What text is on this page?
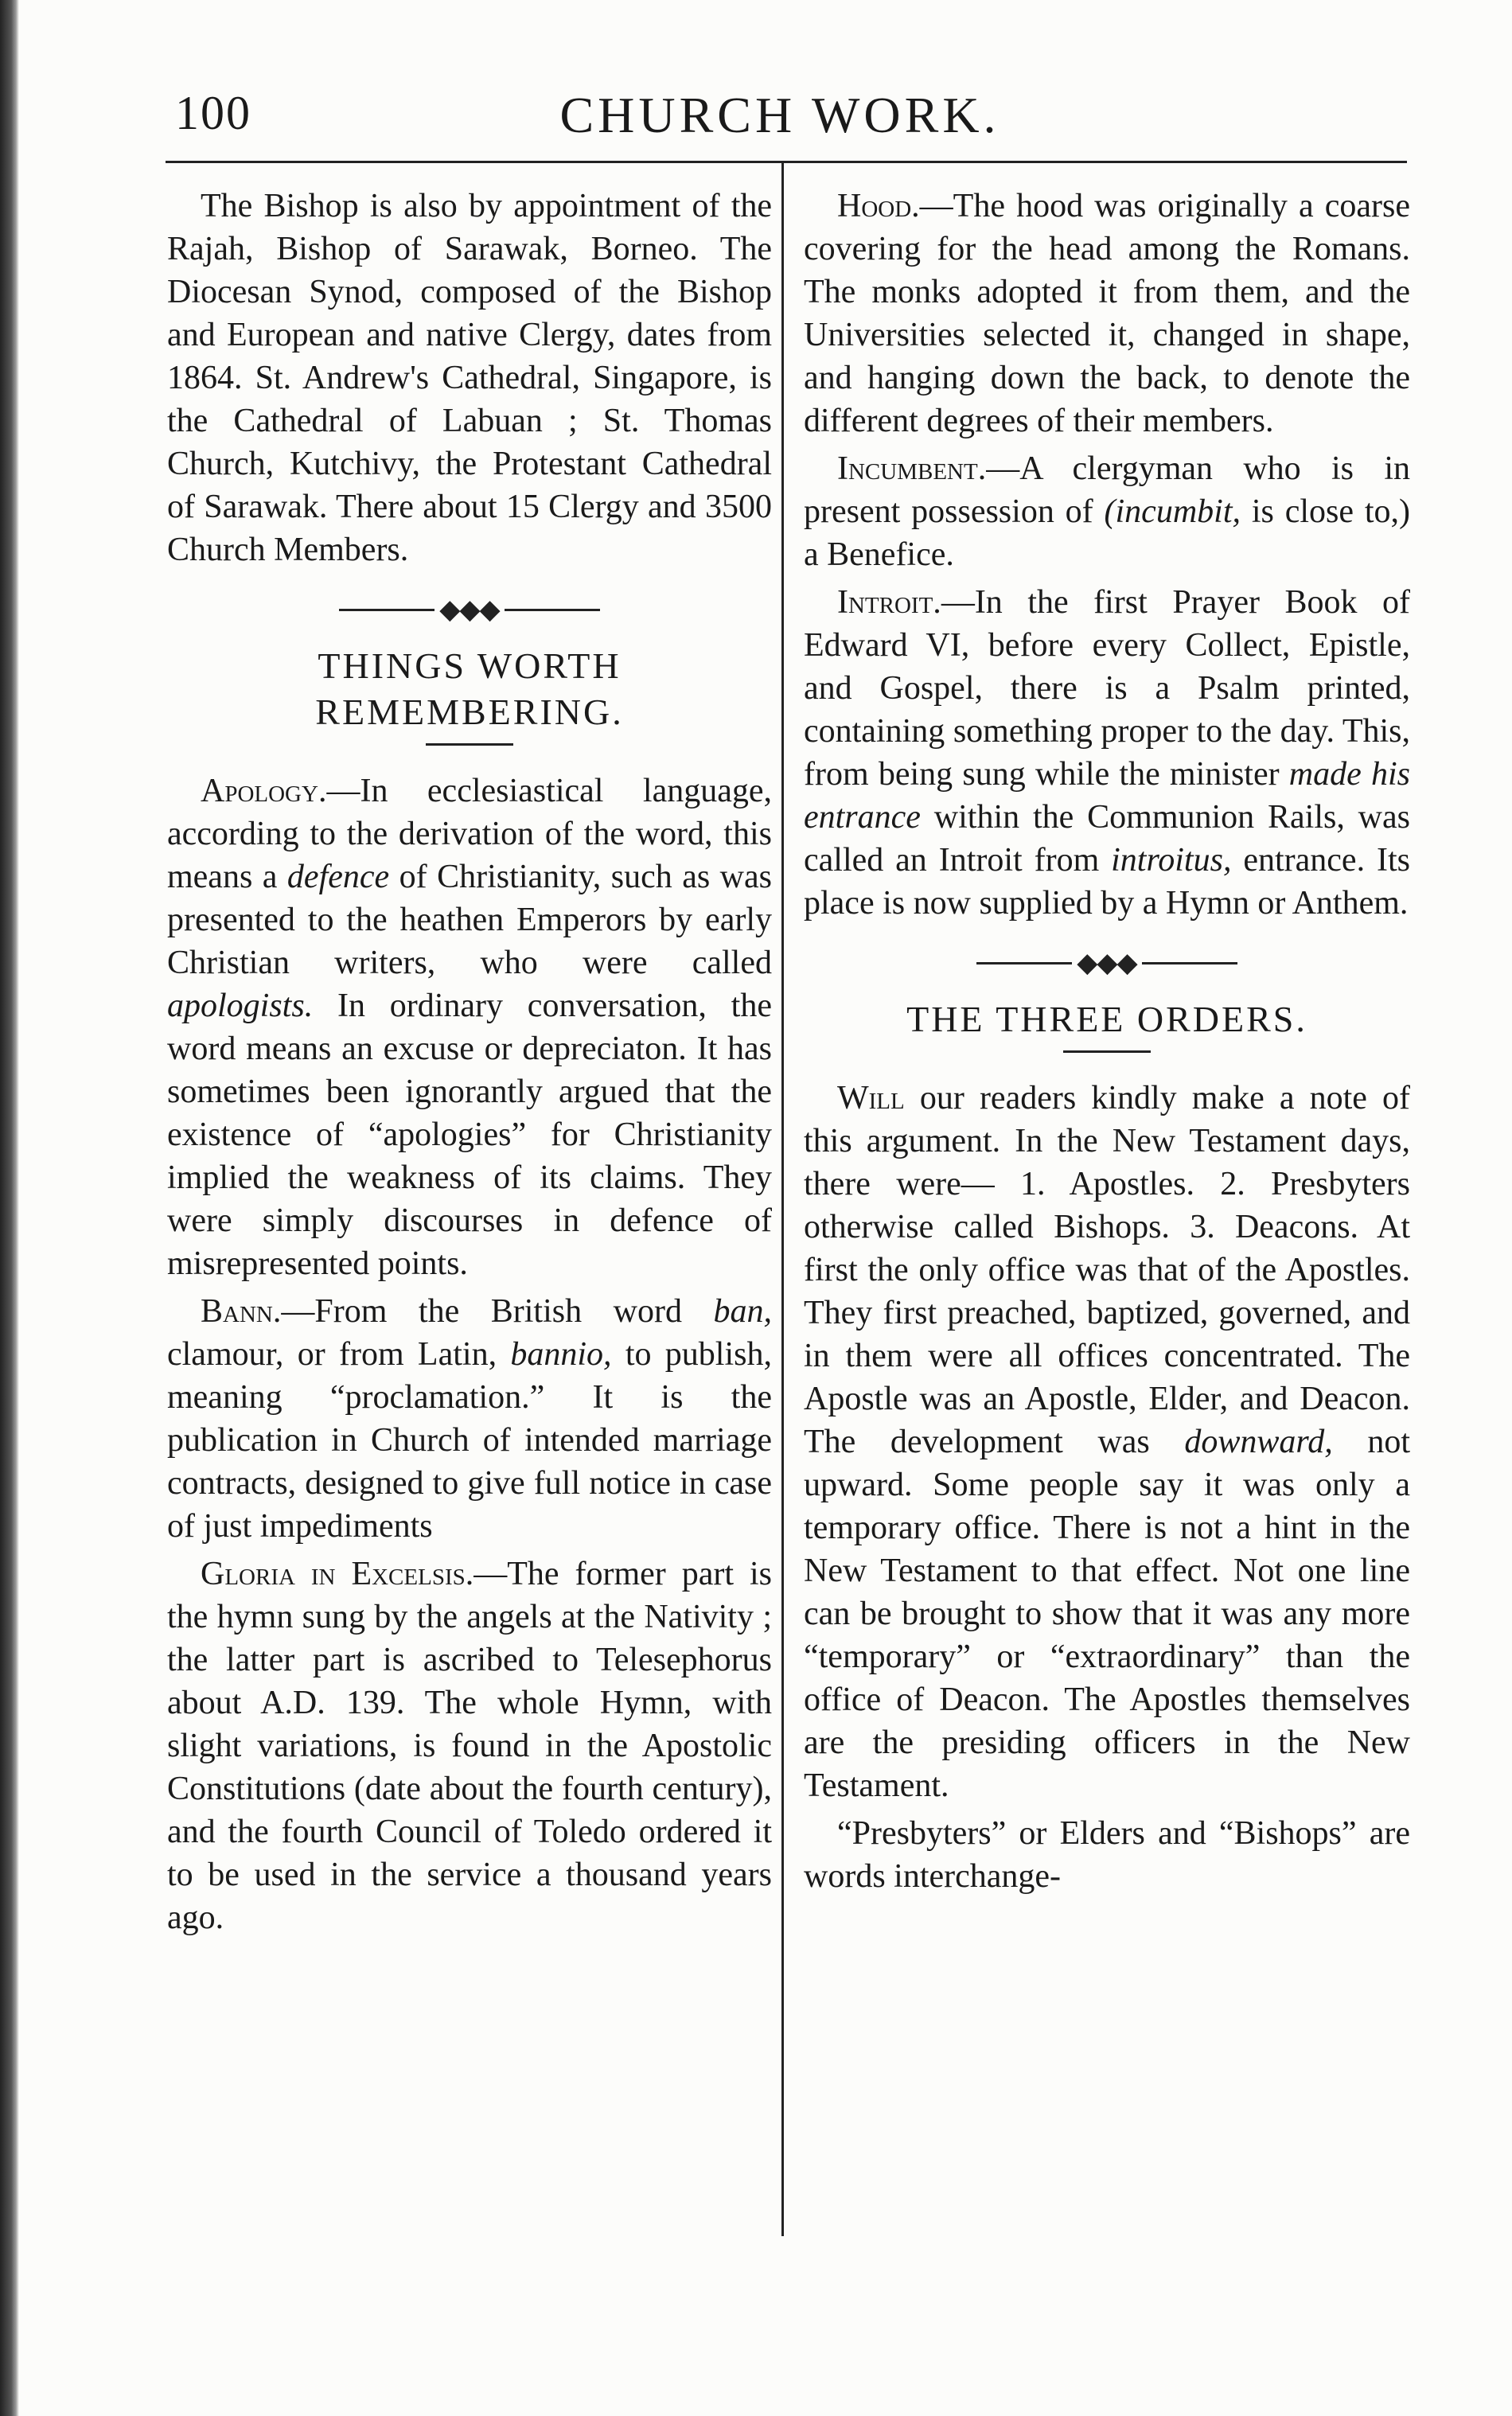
100	CHURCH WORK.

The Bishop is also by appointment of the Rajah, Bishop of Sarawak, Borneo. The Diocesan Synod, composed of the Bishop and European and native Clergy, dates from 1864. St. Andrew's Cathedral, Singapore, is the Cathedral of Labuan ; St. Thomas Church, Kutchivy, the Protestant Cathedral of Sarawak. There about 15 Clergy and 3500 Church Members.

◆◆◆
THINGS WORTH REMEMBERING.

Apology.—In ecclesiastical language, according to the derivation of the word, this means a defence of Christianity, such as was presented to the heathen Emperors by early Christian writers, who were called apologists. In ordinary conversation, the word means an excuse or depreciaton. It has sometimes been ignorantly argued that the existence of “apologies” for Christianity implied the weakness of its claims. They were simply discourses in defence of misrepresented points.

Bann.—From the British word ban, clamour, or from Latin, bannio, to publish, meaning “proclamation.” It is the publication in Church of intended marriage contracts, designed to give full notice in case of just impediments

Gloria in Excelsis.—The former part is the hymn sung by the angels at the Nativity ; the latter part is ascribed to Telesephorus about A.D. 139. The whole Hymn, with slight variations, is found in the Apostolic Constitutions (date about the fourth century), and the fourth Council of Toledo ordered it to be used in the service a thousand years ago.

Hood.—The hood was originally a coarse covering for the head among the Romans. The monks adopted it from them, and the Universities selected it, changed in shape, and hanging down the back, to denote the different degrees of their members.

Incumbent.—A clergyman who is in present possession of (incumbit, is close to,) a Benefice.

Introit.—In the first Prayer Book of Edward VI, before every Collect, Epistle, and Gospel, there is a Psalm printed, containing something proper to the day. This, from being sung while the minister made his entrance within the Communion Rails, was called an Introit from introitus, entrance. Its place is now supplied by a Hymn or Anthem.

◆◆◆
THE THREE ORDERS.

Will our readers kindly make a note of this argument. In the New Testament days, there were— 1. Apostles. 2. Presbyters otherwise called Bishops. 3. Deacons. At first the only office was that of the Apostles. They first preached, baptized, governed, and in them were all offices concentrated. The Apostle was an Apostle, Elder, and Deacon. The development was downward, not upward. Some people say it was only a temporary office. There is not a hint in the New Testament to that effect. Not one line can be brought to show that it was any more “temporary” or “extraordinary” than the office of Deacon. The Apostles themselves are the presiding officers in the New Testament.

“Presbyters” or Elders and “Bishops” are words interchange-
